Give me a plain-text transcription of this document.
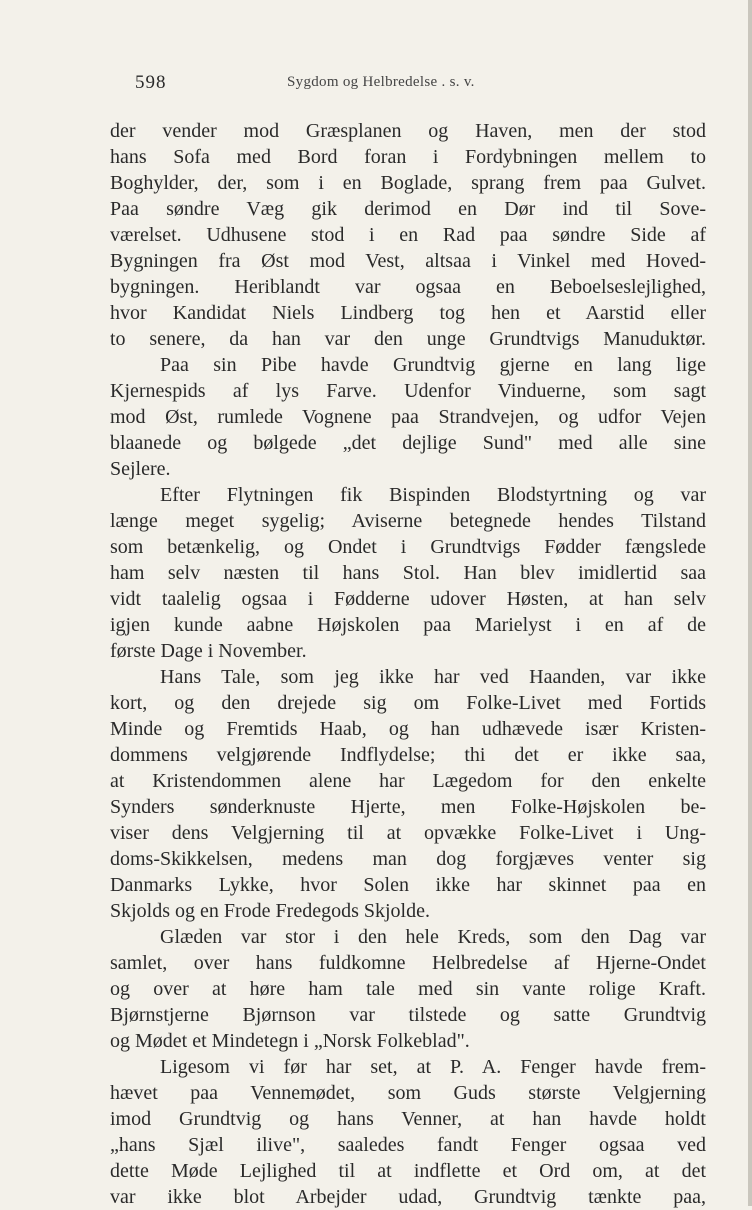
598	Sygdom og Helbredelse . s. v.
der vender mod Græsplanen og Haven, men der stod
hans Sofa med Bord foran i Fordybningen mellem to
Boghylder, der, som i en Boglade, sprang frem paa Gulvet.
Paa søndre Væg gik derimod en Dør ind til Sove-
værelset. Udhusene stod i en Rad paa søndre Side af
Bygningen fra Øst mod Vest, altsaa i Vinkel med Hoved-
bygningen. Heriblandt var ogsaa en Beboelseslejlighed,
hvor Kandidat Niels Lindberg tog hen et Aarstid eller
to senere, da han var den unge Grundtvigs Manuduktør.
Paa sin Pibe havde Grundtvig gjerne en lang lige
Kjernespids af lys Farve. Udenfor Vinduerne, som sagt
mod Øst, rumlede Vognene paa Strandvejen, og udfor Vejen
blaanede og bølgede „det dejlige Sund" med alle sine
Sejlere.
Efter Flytningen fik Bispinden Blodstyrtning og var
længe meget sygelig; Aviserne betegnede hendes Tilstand
som betænkelig, og Ondet i Grundtvigs Fødder fængslede
ham selv næsten til hans Stol. Han blev imidlertid saa
vidt taalelig ogsaa i Fødderne udover Høsten, at han selv
igjen kunde aabne Højskolen paa Marielyst i en af de
første Dage i November.
Hans Tale, som jeg ikke har ved Haanden, var ikke
kort, og den drejede sig om Folke-Livet med Fortids
Minde og Fremtids Haab, og han udhævede især Kristen-
dommens velgjørende Indflydelse; thi det er ikke saa,
at Kristendommen alene har Lægedom for den enkelte
Synders sønderknuste Hjerte, men Folke-Højskolen be-
viser dens Velgjerning til at opvække Folke-Livet i Ung-
doms-Skikkelsen, medens man dog forgjæves venter sig
Danmarks Lykke, hvor Solen ikke har skinnet paa en
Skjolds og en Frode Fredegods Skjolde.
Glæden var stor i den hele Kreds, som den Dag var
samlet, over hans fuldkomne Helbredelse af Hjerne-Ondet
og over at høre ham tale med sin vante rolige Kraft.
Bjørnstjerne Bjørnson var tilstede og satte Grundtvig
og Mødet et Mindetegn i „Norsk Folkeblad".
Ligesom vi før har set, at P. A. Fenger havde frem-
hævet paa Vennemødet, som Guds største Velgjerning
imod Grundtvig og hans Venner, at han havde holdt
„hans Sjæl ilive", saaledes fandt Fenger ogsaa ved
dette Møde Lejlighed til at indflette et Ord om, at det
var ikke blot Arbejder udad, Grundtvig tænkte paa,
